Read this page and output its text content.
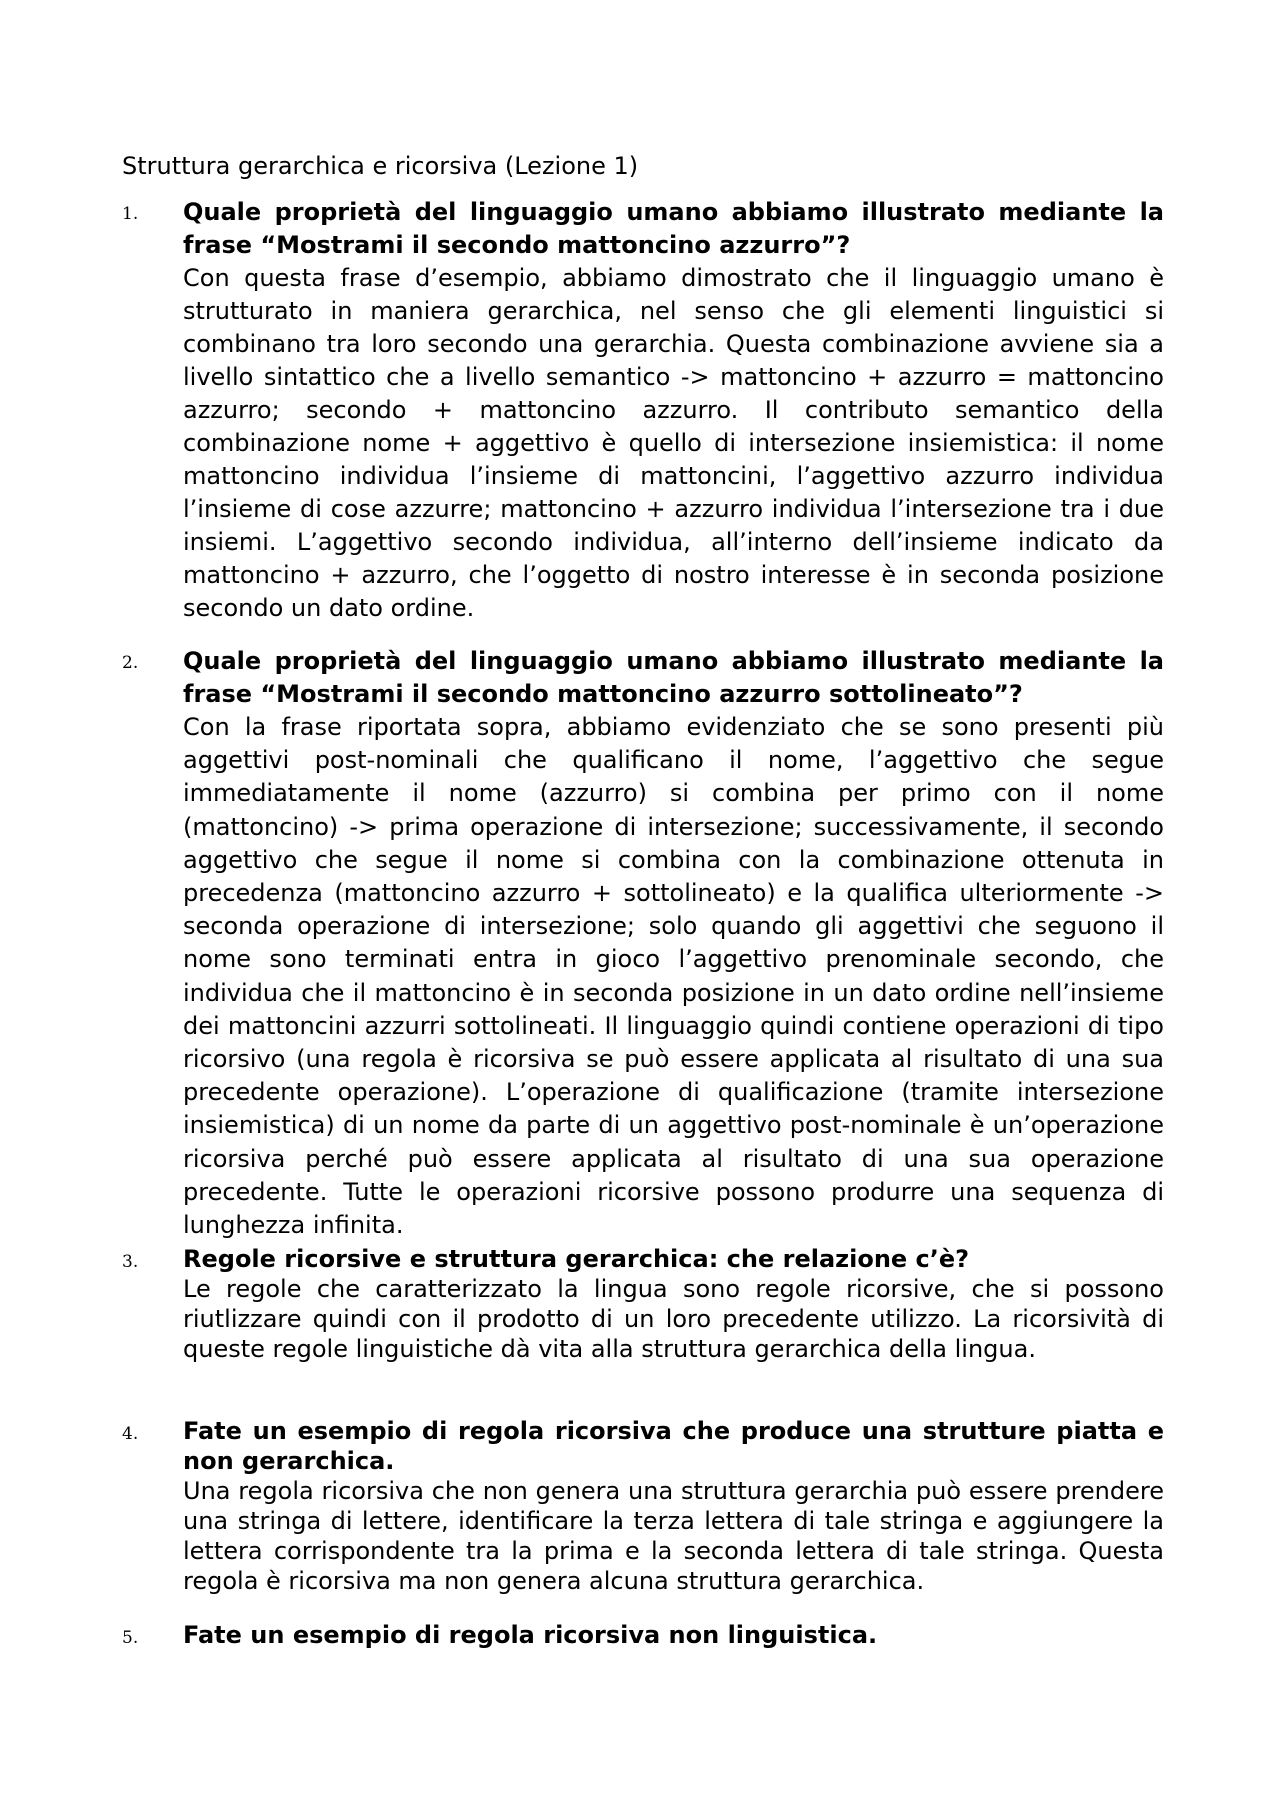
Struttura gerarchica e ricorsiva (Lezione 1)

1. Quale proprietà del linguaggio umano abbiamo illustrato mediante la frase “Mostrami il secondo mattoncino azzurro”?

Con questa frase d’esempio, abbiamo dimostrato che il linguaggio umano è strutturato in maniera gerarchica, nel senso che gli elementi linguistici si combinano tra loro secondo una gerarchia. Questa combinazione avviene sia a livello sintattico che a livello semantico -> mattoncino + azzurro = mattoncino azzurro; secondo + mattoncino azzurro. Il contributo semantico della combinazione nome + aggettivo è quello di intersezione insiemistica: il nome mattoncino individua l’insieme di mattoncini, l’aggettivo azzurro individua l’insieme di cose azzurre; mattoncino + azzurro individua l’intersezione tra i due insiemi. L’aggettivo secondo individua, all’interno dell’insieme indicato da mattoncino + azzurro, che l’oggetto di nostro interesse è in seconda posizione secondo un dato ordine.

2. Quale proprietà del linguaggio umano abbiamo illustrato mediante la frase “Mostrami il secondo mattoncino azzurro sottolineato”?

Con la frase riportata sopra, abbiamo evidenziato che se sono presenti più aggettivi post-nominali che qualificano il nome, l’aggettivo che segue immediatamente il nome (azzurro) si combina per primo con il nome (mattoncino) -> prima operazione di intersezione; successivamente, il secondo aggettivo che segue il nome si combina con la combinazione ottenuta in precedenza (mattoncino azzurro + sottolineato) e la qualifica ulteriormente -> seconda operazione di intersezione; solo quando gli aggettivi che seguono il nome sono terminati entra in gioco l’aggettivo prenominale secondo, che individua che il mattoncino è in seconda posizione in un dato ordine nell’insieme dei mattoncini azzurri sottolineati. Il linguaggio quindi contiene operazioni di tipo ricorsivo (una regola è ricorsiva se può essere applicata al risultato di una sua precedente operazione). L’operazione di qualificazione (tramite intersezione insiemistica) di un nome da parte di un aggettivo post-nominale è un’operazione ricorsiva perché può essere applicata al risultato di una sua operazione precedente. Tutte le operazioni ricorsive possono produrre una sequenza di lunghezza infinita.

3. Regole ricorsive e struttura gerarchica: che relazione c’è?

Le regole che caratterizzato la lingua sono regole ricorsive, che si possono riutlizzare quindi con il prodotto di un loro precedente utilizzo. La ricorsività di queste regole linguistiche dà vita alla struttura gerarchica della lingua.

4. Fate un esempio di regola ricorsiva che produce una strutture piatta e non gerarchica.

Una regola ricorsiva che non genera una struttura gerarchia può essere prendere una stringa di lettere, identificare la terza lettera di tale stringa e aggiungere la lettera corrispondente tra la prima e la seconda lettera di tale stringa. Questa regola è ricorsiva ma non genera alcuna struttura gerarchica.

5. Fate un esempio di regola ricorsiva non linguistica.
